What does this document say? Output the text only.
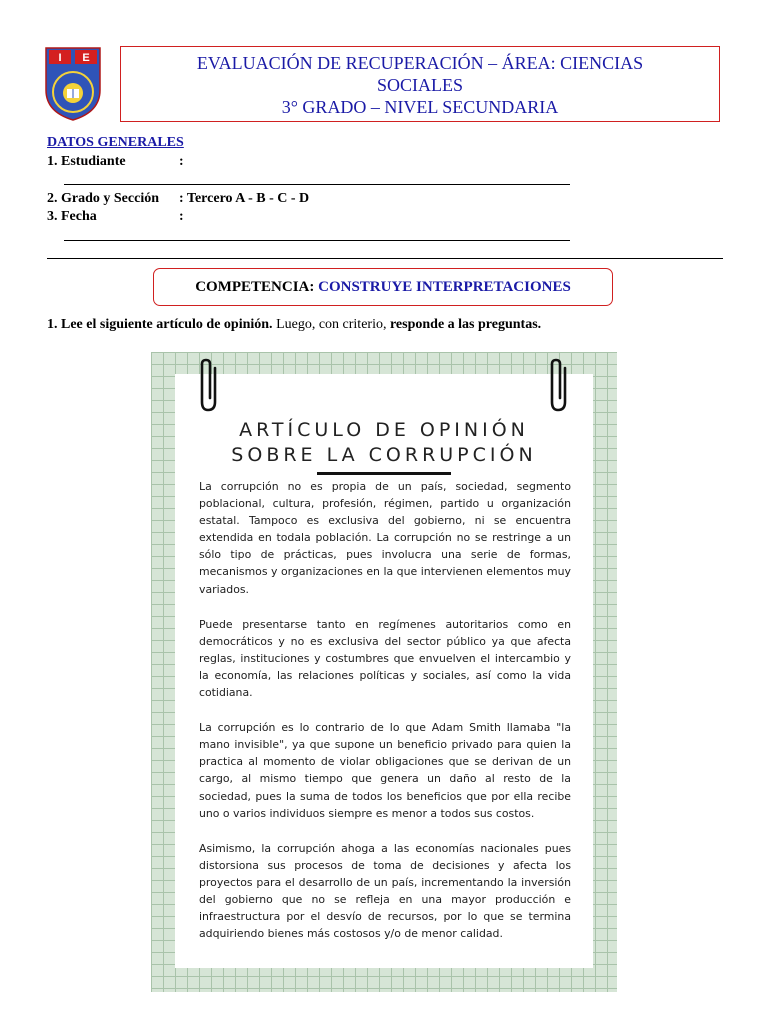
I E	EVALUACIÓN DE RECUPERACIÓN – ÁREA: CIENCIAS
SOCIALES
3° GRADO – NIVEL SECUNDARIA
DATOS GENERALES
1. Estudiante	:
2. Grado y Sección : Tercero A - B - C - D
3. Fecha	:
COMPETENCIA: CONSTRUYE INTERPRETACIONES
1. Lee el siguiente artículo de opinión. Luego, con criterio, responde a las preguntas.
ARTÍCULO DE OPINIÓN
SOBRE LA CORRUPCIÓN

La corrupción no es propia de un país, sociedad, segmento poblacional, cultura, profesión, régimen, partido u organización estatal. Tampoco es exclusiva del gobierno, ni se encuentra extendida en todala población. La corrupción no se restringe a un sólo tipo de prácticas, pues involucra una serie de formas, mecanismos y organizaciones en la que intervienen elementos muy variados.

Puede presentarse tanto en regímenes autoritarios como en democráticos y no es exclusiva del sector público ya que afecta reglas, instituciones y costumbres que envuelven el intercambio y la economía, las relaciones políticas y sociales, así como la vida cotidiana.

La corrupción es lo contrario de lo que Adam Smith llamaba "la mano invisible", ya que supone un beneficio privado para quien la practica al momento de violar obligaciones que se derivan de un cargo, al mismo tiempo que genera un daño al resto de la sociedad, pues la suma de todos los beneficios que por ella recibe uno o varios individuos siempre es menor a todos sus costos.

Asimismo, la corrupción ahoga a las economías nacionales pues distorsiona sus procesos de toma de decisiones y afecta los proyectos para el desarrollo de un país, incrementando la inversión del gobierno que no se refleja en una mayor producción e infraestructura por el desvío de recursos, por lo que se termina adquiriendo bienes más costosos y/o de menor calidad.
